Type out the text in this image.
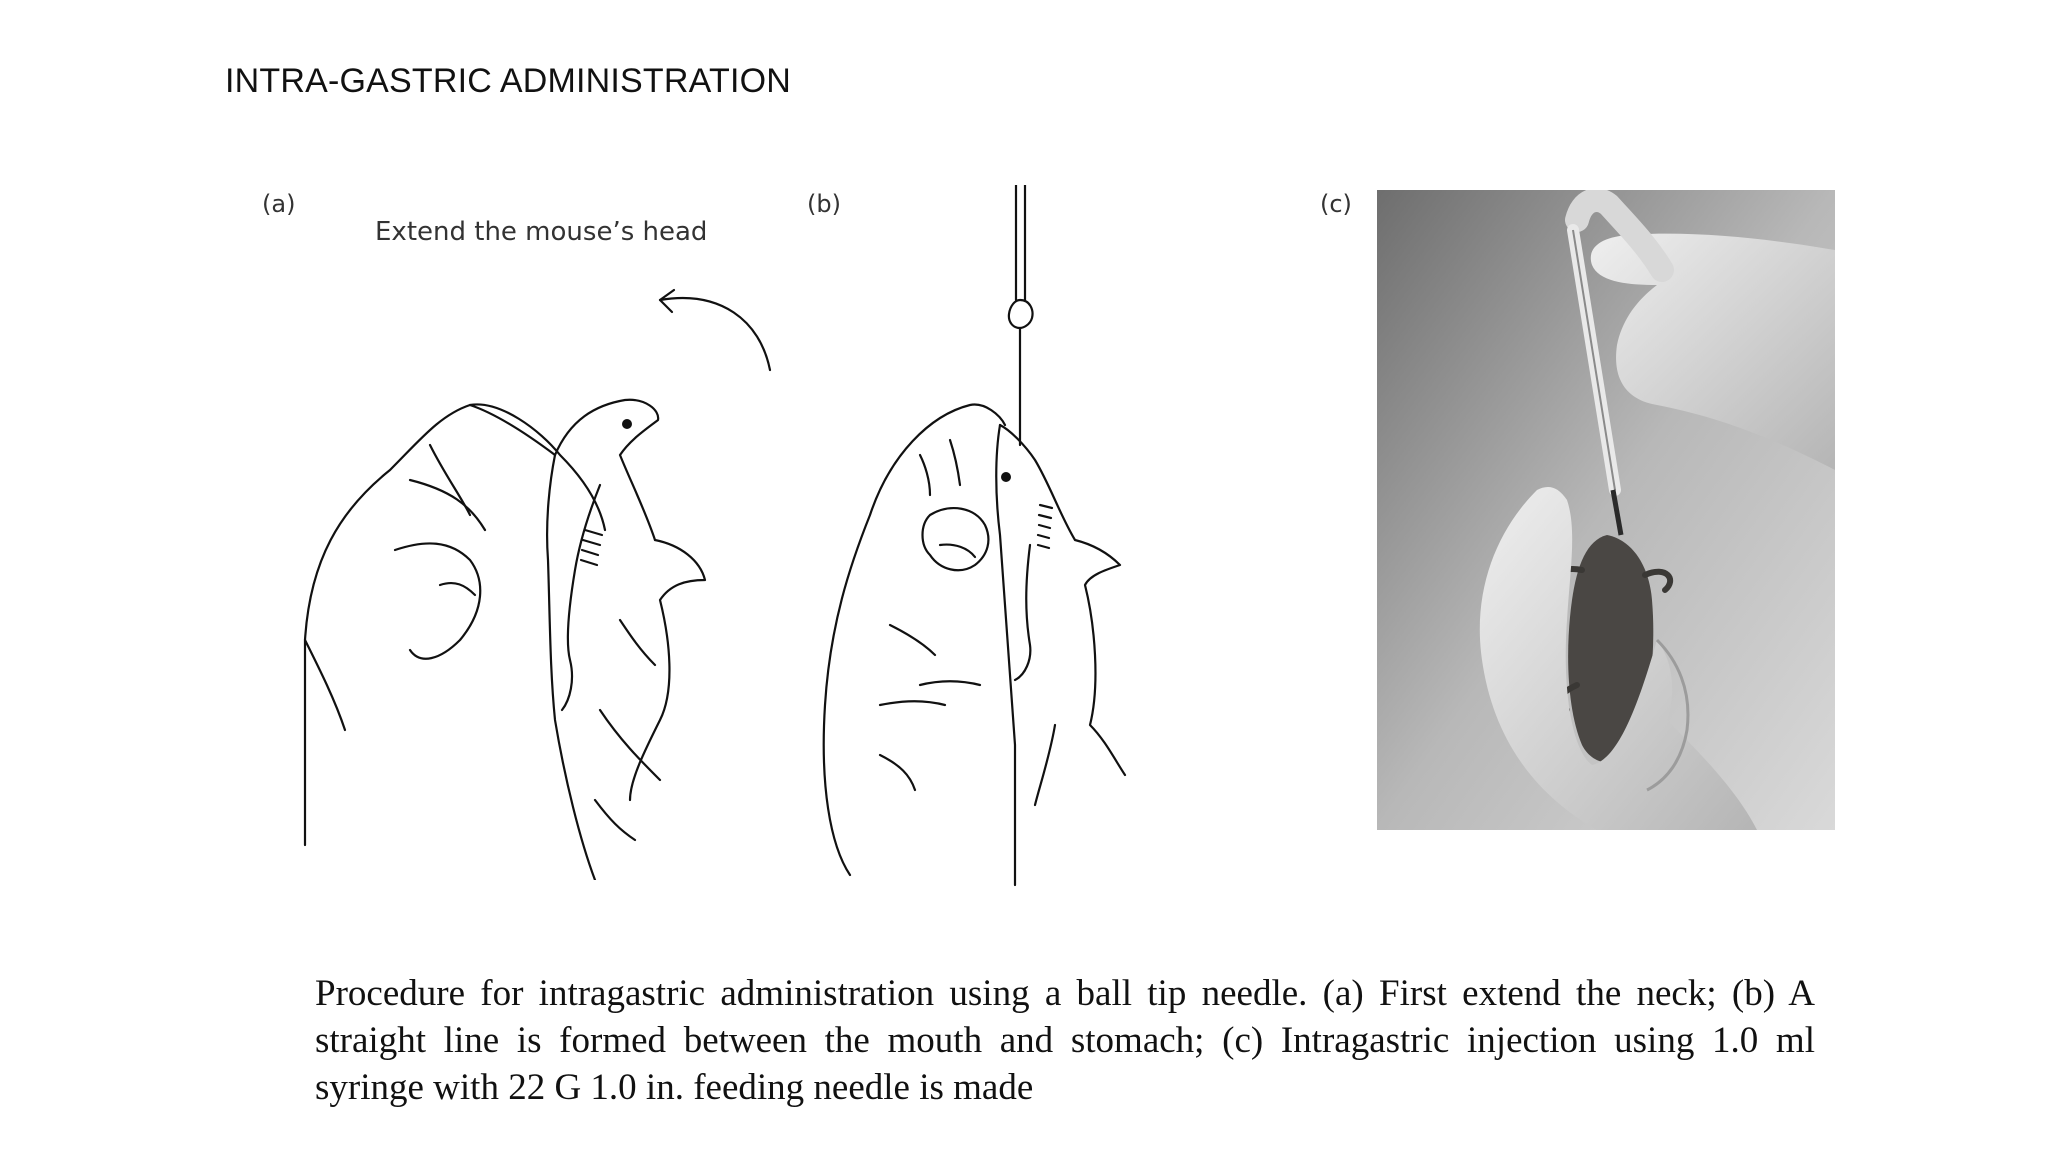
INTRA-GASTRIC ADMINISTRATION
(a)
Extend the mouse’s head
(b)	(c)
Procedure for intragastric administration using a ball tip needle. (a) First extend the neck; (b) A straight line is formed between the mouth and stomach; (c) Intragastric injection using 1.0 ml syringe with 22 G 1.0 in. feeding needle is made
